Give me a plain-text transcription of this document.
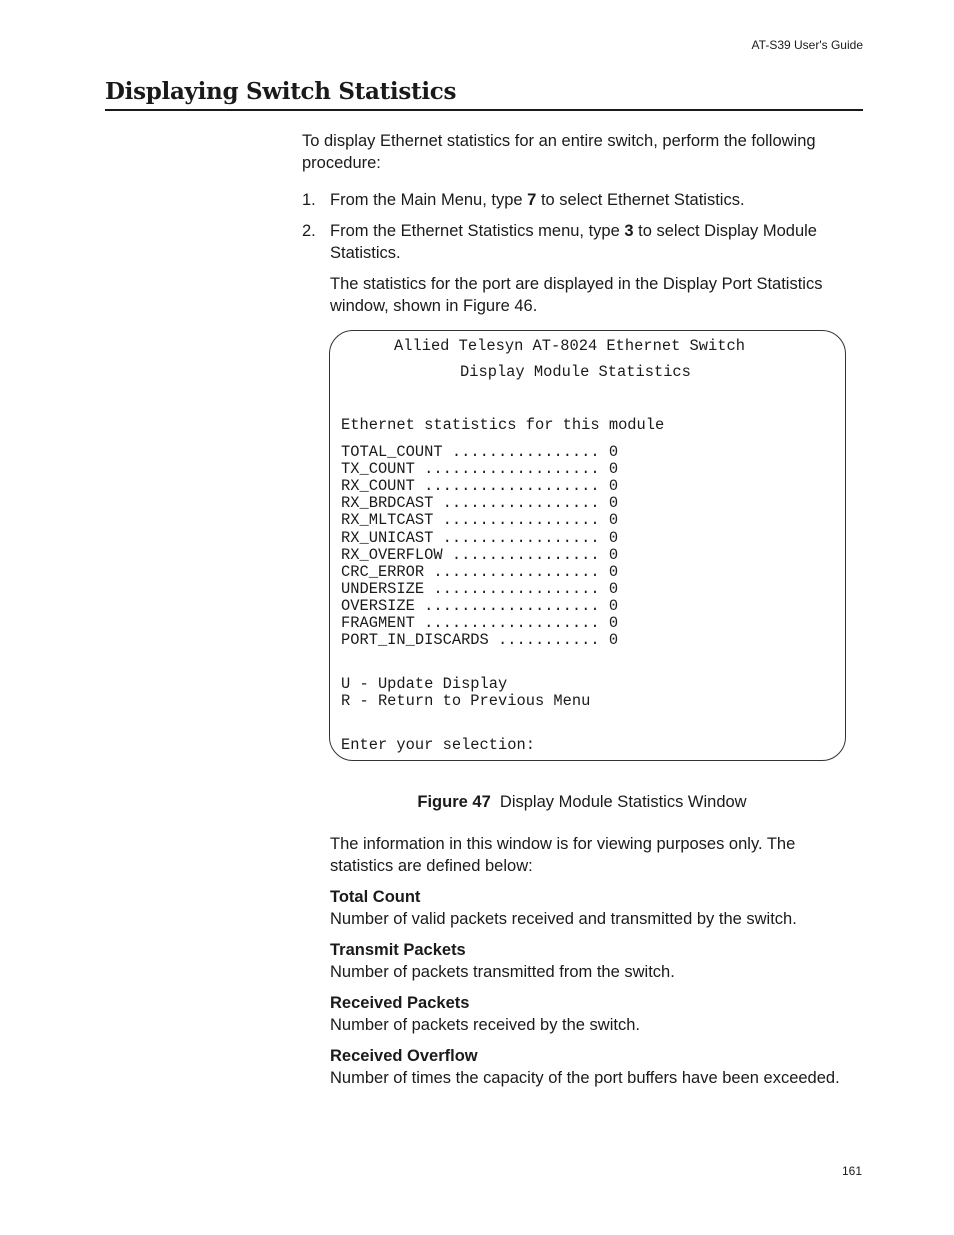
AT-S39 User's Guide
Displaying Switch Statistics

To display Ethernet statistics for an entire switch, perform the following procedure:

1. From the Main Menu, type 7 to select Ethernet Statistics.
2. From the Ethernet Statistics menu, type 3 to select Display Module Statistics.

The statistics for the port are displayed in the Display Port Statistics window, shown in Figure 46.

Allied Telesyn AT-8024 Ethernet Switch
Display Module Statistics
Ethernet statistics for this module
TOTAL_COUNT ................ 0
TX_COUNT ................... 0
RX_COUNT ................... 0
RX_BRDCAST ................. 0
RX_MLTCAST ................. 0
RX_UNICAST ................. 0
RX_OVERFLOW ................ 0
CRC_ERROR .................. 0
UNDERSIZE .................. 0
OVERSIZE ................... 0
FRAGMENT ................... 0
PORT_IN_DISCARDS ........... 0
U - Update Display
R - Return to Previous Menu
Enter your selection:
Figure 47 Display Module Statistics Window

The information in this window is for viewing purposes only. The statistics are defined below:

Total Count
Number of valid packets received and transmitted by the switch.
Transmit Packets
Number of packets transmitted from the switch.
Received Packets
Number of packets received by the switch.
Received Overflow
Number of times the capacity of the port buffers have been exceeded.
161
